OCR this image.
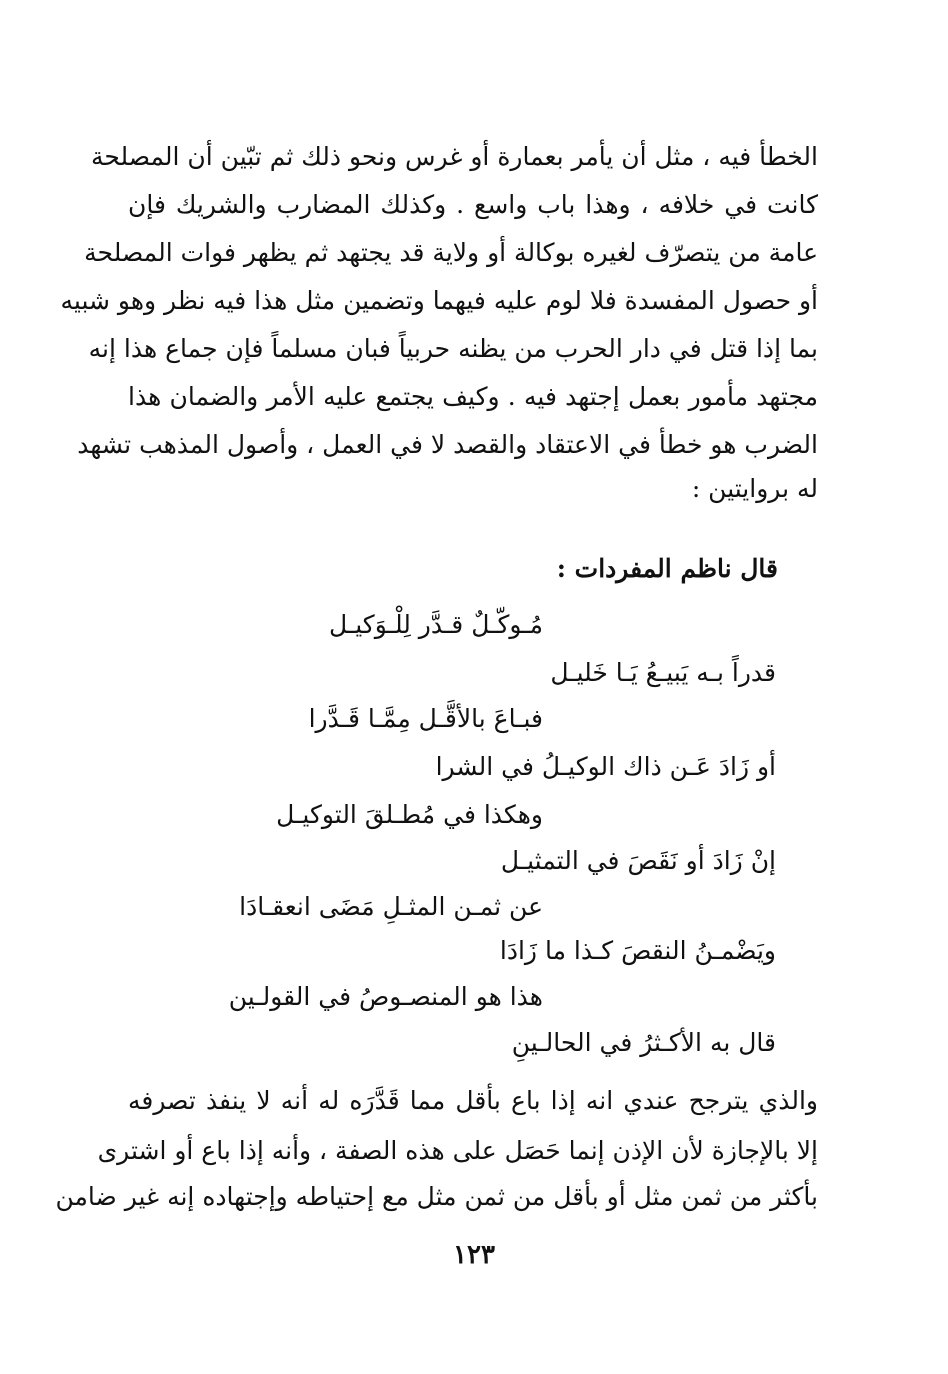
الخطأ فيه ، مثل أن يأمر بعمارة أو غرس ونحو ذلك ثم تبّين أن المصلحة
كانت في خلافه ، وهذا باب واسع . وكذلك المضارب والشريك فإن
عامة من يتصرّف لغيره بوكالة أو ولاية قد يجتهد ثم يظهر فوات المصلحة
أو حصول المفسدة فلا لوم عليه فيهما وتضمين مثل هذا فيه نظر وهو شبيه
بما إذا قتل في دار الحرب من يظنه حربياً فبان مسلماً فإن جماع هذا إنه
مجتهد مأمور بعمل إجتهد فيه . وكيف يجتمع عليه الأمر والضمان هذا
الضرب هو خطأ في الاعتقاد والقصد لا في العمل ، وأصول المذهب تشهد
له بروايتين :
قال ناظم المفردات :
مُـوكّـلٌ قـدَّر لِلْـوَكيـل
قدراً بـه يَبيـعُ يَـا خَليـل
فبـاعَ بالأقَّـل مِمَّـا قَـدَّرا
أو زَادَ عَـن ذاك الوكيـلُ في الشرا
وهكذا في مُطـلقَ التوكيـل
إنْ زَادَ أو نَقَصَ في التمثيـل
عن ثمـن المثـلِ مَضَى انعقـادَا
ويَضْمـنُ النقصَ كـذا ما زَادَا
هذا هو المنصـوصُ في القولـين
قال به الأكـثرُ في الحالـينِ
والذي يترجح عندي انه إذا باع بأقل مما قَدَّرَه له أنه لا ينفذ تصرفه
إلا بالإجازة لأن الإذن إنما حَصَل على هذه الصفة ، وأنه إذا باع أو اشترى
بأكثر من ثمن مثل أو بأقل من ثمن مثل مع إحتياطه وإجتهاده إنه غير ضامن
١٢٣
